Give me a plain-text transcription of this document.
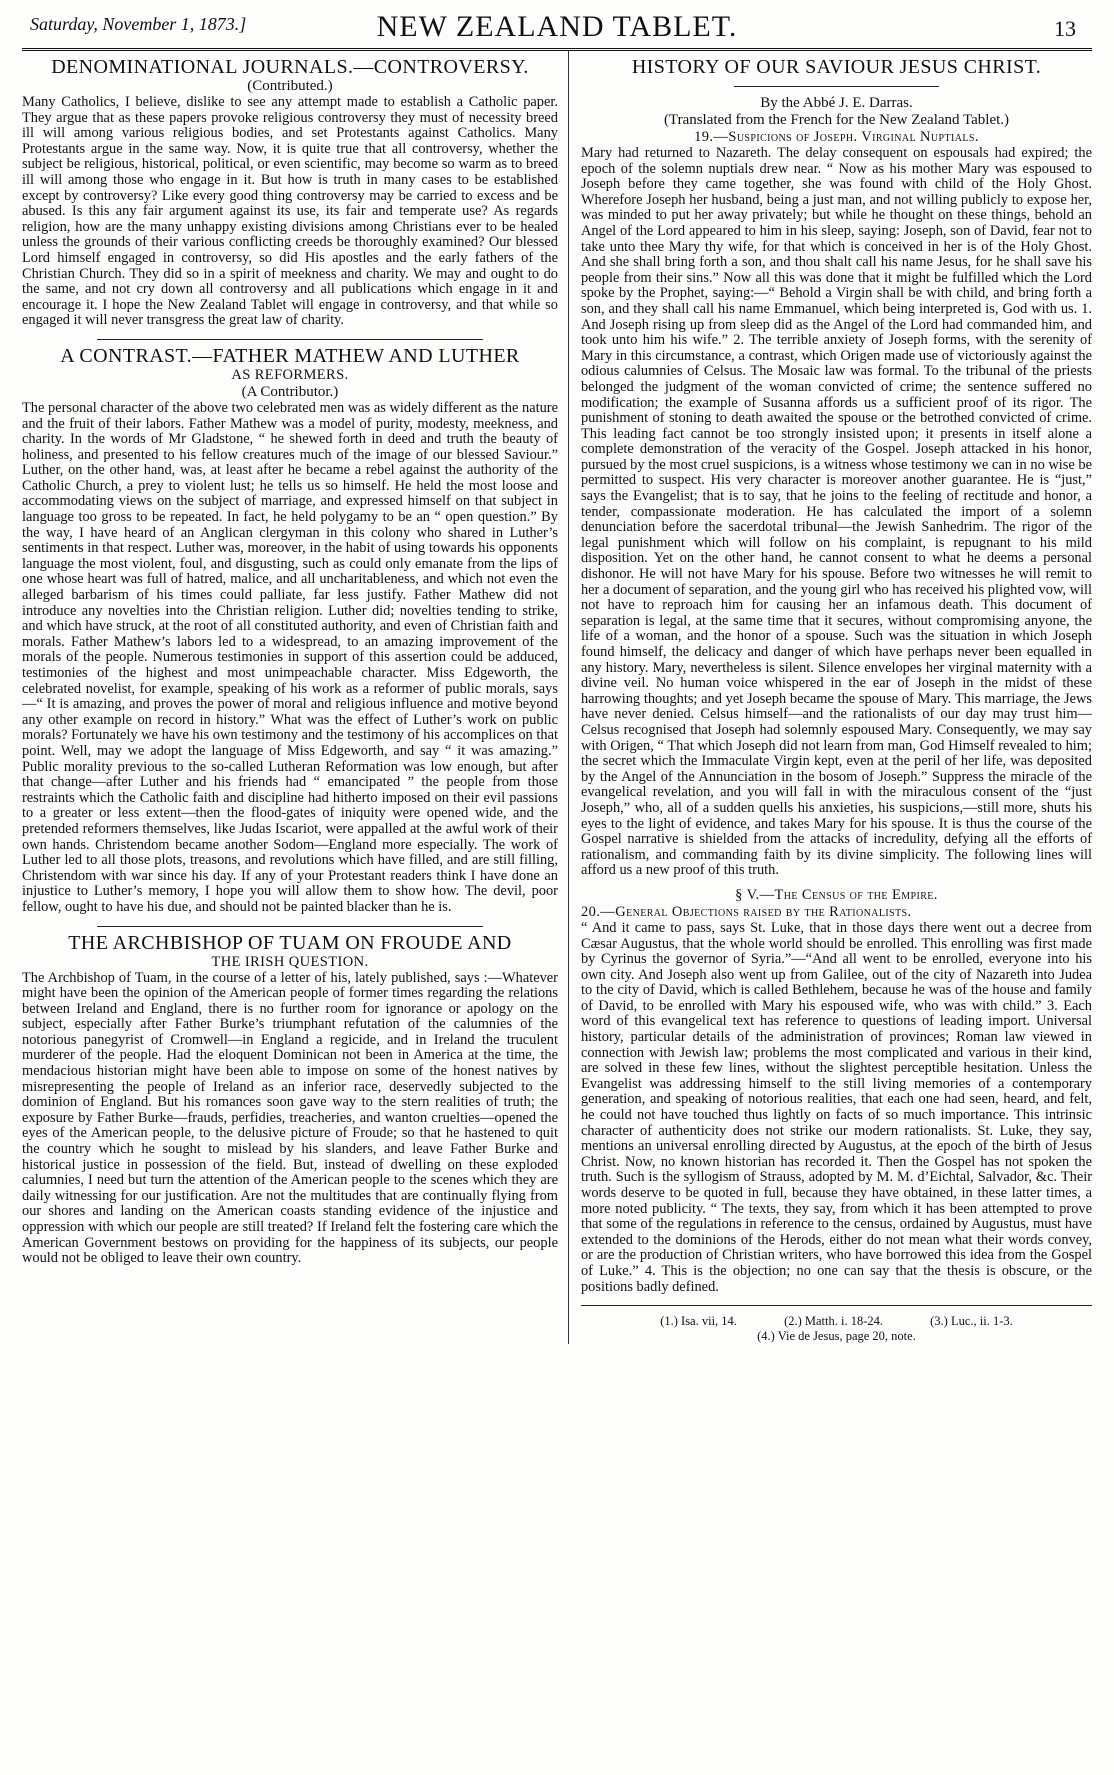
Saturday, November 1, 1873.]	NEW ZEALAND TABLET.	13
DENOMINATIONAL JOURNALS.—CONTROVERSY.
(Contributed.)

Many Catholics, I believe, dislike to see any attempt made to establish a Catholic paper. They argue that as these papers provoke religious controversy they must of necessity breed ill will among various religious bodies, and set Protestants against Catholics. Many Protestants argue in the same way. Now, it is quite true that all controversy, whether the subject be religious, historical, political, or even scientific, may become so warm as to breed ill will among those who engage in it. But how is truth in many cases to be established except by controversy? Like every good thing controversy may be carried to excess and be abused. Is this any fair argument against its use, its fair and temperate use? As regards religion, how are the many unhappy existing divisions among Christians ever to be healed unless the grounds of their various conflicting creeds be thoroughly examined? Our blessed Lord himself engaged in controversy, so did His apostles and the early fathers of the Christian Church. They did so in a spirit of meekness and charity. We may and ought to do the same, and not cry down all controversy and all publications which engage in it and encourage it. I hope the New Zealand Tablet will engage in controversy, and that while so engaged it will never transgress the great law of charity.

A CONTRAST.—FATHER MATHEW AND LUTHER
AS REFORMERS.
(A Contributor.)

The personal character of the above two celebrated men was as widely different as the nature and the fruit of their labors. Father Mathew was a model of purity, modesty, meekness, and charity. In the words of Mr Gladstone, “ he shewed forth in deed and truth the beauty of holiness, and presented to his fellow creatures much of the image of our blessed Saviour.” Luther, on the other hand, was, at least after he became a rebel against the authority of the Catholic Church, a prey to violent lust; he tells us so himself. He held the most loose and accommodating views on the subject of marriage, and expressed himself on that subject in language too gross to be repeated. In fact, he held polygamy to be an “ open question.” By the way, I have heard of an Anglican clergyman in this colony who shared in Luther’s sentiments in that respect. Luther was, moreover, in the habit of using towards his opponents language the most violent, foul, and disgusting, such as could only emanate from the lips of one whose heart was full of hatred, malice, and all uncharitableness, and which not even the alleged barbarism of his times could palliate, far less justify. Father Mathew did not introduce any novelties into the Christian religion. Luther did; novelties tending to strike, and which have struck, at the root of all constituted authority, and even of Christian faith and morals. Father Mathew’s labors led to a widespread, to an amazing improvement of the morals of the people. Numerous testimonies in support of this assertion could be adduced, testimonies of the highest and most unimpeachable character. Miss Edgeworth, the celebrated novelist, for example, speaking of his work as a reformer of public morals, says—“ It is amazing, and proves the power of moral and religious influence and motive beyond any other example on record in history.” What was the effect of Luther’s work on public morals? Fortunately we have his own testimony and the testimony of his accomplices on that point. Well, may we adopt the language of Miss Edgeworth, and say “ it was amazing.” Public morality previous to the so-called Lutheran Reformation was low enough, but after that change—after Luther and his friends had “ emancipated ” the people from those restraints which the Catholic faith and discipline had hitherto imposed on their evil passions to a greater or less extent—then the flood-gates of iniquity were opened wide, and the pretended reformers themselves, like Judas Iscariot, were appalled at the awful work of their own hands. Christendom became another Sodom—England more especially. The work of Luther led to all those plots, treasons, and revolutions which have filled, and are still filling, Christendom with war since his day. If any of your Protestant readers think I have done an injustice to Luther’s memory, I hope you will allow them to show how. The devil, poor fellow, ought to have his due, and should not be painted blacker than he is.

THE ARCHBISHOP OF TUAM ON FROUDE AND
THE IRISH QUESTION.

The Archbishop of Tuam, in the course of a letter of his, lately published, says :—Whatever might have been the opinion of the American people of former times regarding the relations between Ireland and England, there is no further room for ignorance or apology on the subject, especially after Father Burke’s triumphant refutation of the calumnies of the notorious panegyrist of Cromwell—in England a regicide, and in Ireland the truculent murderer of the people. Had the eloquent Dominican not been in America at the time, the mendacious historian might have been able to impose on some of the honest natives by misrepresenting the people of Ireland as an inferior race, deservedly subjected to the dominion of England. But his romances soon gave way to the stern realities of truth; the exposure by Father Burke—frauds, perfidies, treacheries, and wanton cruelties—opened the eyes of the American people, to the delusive picture of Froude; so that he hastened to quit the country which he sought to mislead by his slanders, and leave Father Burke and historical justice in possession of the field. But, instead of dwelling on these exploded calumnies, I need but turn the attention of the American people to the scenes which they are daily witnessing for our justification. Are not the multitudes that are continually flying from our shores and landing on the American coasts standing evidence of the injustice and oppression with which our people are still treated? If Ireland felt the fostering care which the American Government bestows on providing for the happiness of its subjects, our people would not be obliged to leave their own country.

HISTORY OF OUR SAVIOUR JESUS CHRIST.
By the Abbé J. E. Darras.
(Translated from the French for the New Zealand Tablet.)
19.—Suspicions of Joseph. Virginal Nuptials.

Mary had returned to Nazareth. The delay consequent on espousals had expired; the epoch of the solemn nuptials drew near. “ Now as his mother Mary was espoused to Joseph before they came together, she was found with child of the Holy Ghost. Wherefore Joseph her husband, being a just man, and not willing publicly to expose her, was minded to put her away privately; but while he thought on these things, behold an Angel of the Lord appeared to him in his sleep, saying: Joseph, son of David, fear not to take unto thee Mary thy wife, for that which is conceived in her is of the Holy Ghost. And she shall bring forth a son, and thou shalt call his name Jesus, for he shall save his people from their sins.” Now all this was done that it might be fulfilled which the Lord spoke by the Prophet, saying:—“ Behold a Virgin shall be with child, and bring forth a son, and they shall call his name Emmanuel, which being interpreted is, God with us. 1. And Joseph rising up from sleep did as the Angel of the Lord had commanded him, and took unto him his wife.” 2. The terrible anxiety of Joseph forms, with the serenity of Mary in this circumstance, a contrast, which Origen made use of victoriously against the odious calumnies of Celsus. The Mosaic law was formal. To the tribunal of the priests belonged the judgment of the woman convicted of crime; the sentence suffered no modification; the example of Susanna affords us a sufficient proof of its rigor. The punishment of stoning to death awaited the spouse or the betrothed convicted of crime. This leading fact cannot be too strongly insisted upon; it presents in itself alone a complete demonstration of the veracity of the Gospel. Joseph attacked in his honor, pursued by the most cruel suspicions, is a witness whose testimony we can in no wise be permitted to suspect. His very character is moreover another guarantee. He is “just,” says the Evangelist; that is to say, that he joins to the feeling of rectitude and honor, a tender, compassionate moderation. He has calculated the import of a solemn denunciation before the sacerdotal tribunal—the Jewish Sanhedrim. The rigor of the legal punishment which will follow on his complaint, is repugnant to his mild disposition. Yet on the other hand, he cannot consent to what he deems a personal dishonor. He will not have Mary for his spouse. Before two witnesses he will remit to her a document of separation, and the young girl who has received his plighted vow, will not have to reproach him for causing her an infamous death. This document of separation is legal, at the same time that it secures, without compromising anyone, the life of a woman, and the honor of a spouse. Such was the situation in which Joseph found himself, the delicacy and danger of which have perhaps never been equalled in any history. Mary, nevertheless is silent. Silence envelopes her virginal maternity with a divine veil. No human voice whispered in the ear of Joseph in the midst of these harrowing thoughts; and yet Joseph became the spouse of Mary. This marriage, the Jews have never denied. Celsus himself—and the rationalists of our day may trust him—Celsus recognised that Joseph had solemnly espoused Mary. Consequently, we may say with Origen, “ That which Joseph did not learn from man, God Himself revealed to him; the secret which the Immaculate Virgin kept, even at the peril of her life, was deposited by the Angel of the Annunciation in the bosom of Joseph.” Suppress the miracle of the evangelical revelation, and you will fall in with the miraculous consent of the “just Joseph,” who, all of a sudden quells his anxieties, his suspicions,—still more, shuts his eyes to the light of evidence, and takes Mary for his spouse. It is thus the course of the Gospel narrative is shielded from the attacks of incredulity, defying all the efforts of rationalism, and commanding faith by its divine simplicity. The following lines will afford us a new proof of this truth.

§ V.—The Census of the Empire.
20.—General Objections raised by the Rationalists.

“ And it came to pass, says St. Luke, that in those days there went out a decree from Cæsar Augustus, that the whole world should be enrolled. This enrolling was first made by Cyrinus the governor of Syria.”—“And all went to be enrolled, everyone into his own city. And Joseph also went up from Galilee, out of the city of Nazareth into Judea to the city of David, which is called Bethlehem, because he was of the house and family of David, to be enrolled with Mary his espoused wife, who was with child.” 3. Each word of this evangelical text has reference to questions of leading import. Universal history, particular details of the administration of provinces; Roman law viewed in connection with Jewish law; problems the most complicated and various in their kind, are solved in these few lines, without the slightest perceptible hesitation. Unless the Evangelist was addressing himself to the still living memories of a contemporary generation, and speaking of notorious realities, that each one had seen, heard, and felt, he could not have touched thus lightly on facts of so much importance. This intrinsic character of authenticity does not strike our modern rationalists. St. Luke, they say, mentions an universal enrolling directed by Augustus, at the epoch of the birth of Jesus Christ. Now, no known historian has recorded it. Then the Gospel has not spoken the truth. Such is the syllogism of Strauss, adopted by M. M. d’Eichtal, Salvador, &c. Their words deserve to be quoted in full, because they have obtained, in these latter times, a more noted publicity. “ The texts, they say, from which it has been attempted to prove that some of the regulations in reference to the census, ordained by Augustus, must have extended to the dominions of the Herods, either do not mean what their words convey, or are the production of Christian writers, who have borrowed this idea from the Gospel of Luke.” 4. This is the objection; no one can say that the thesis is obscure, or the positions badly defined.

(1.) Isa. vii, 14.	(2.) Matth. i. 18-24.	(3.) Luc., ii. 1-3.
(4.) Vie de Jesus, page 20, note.
